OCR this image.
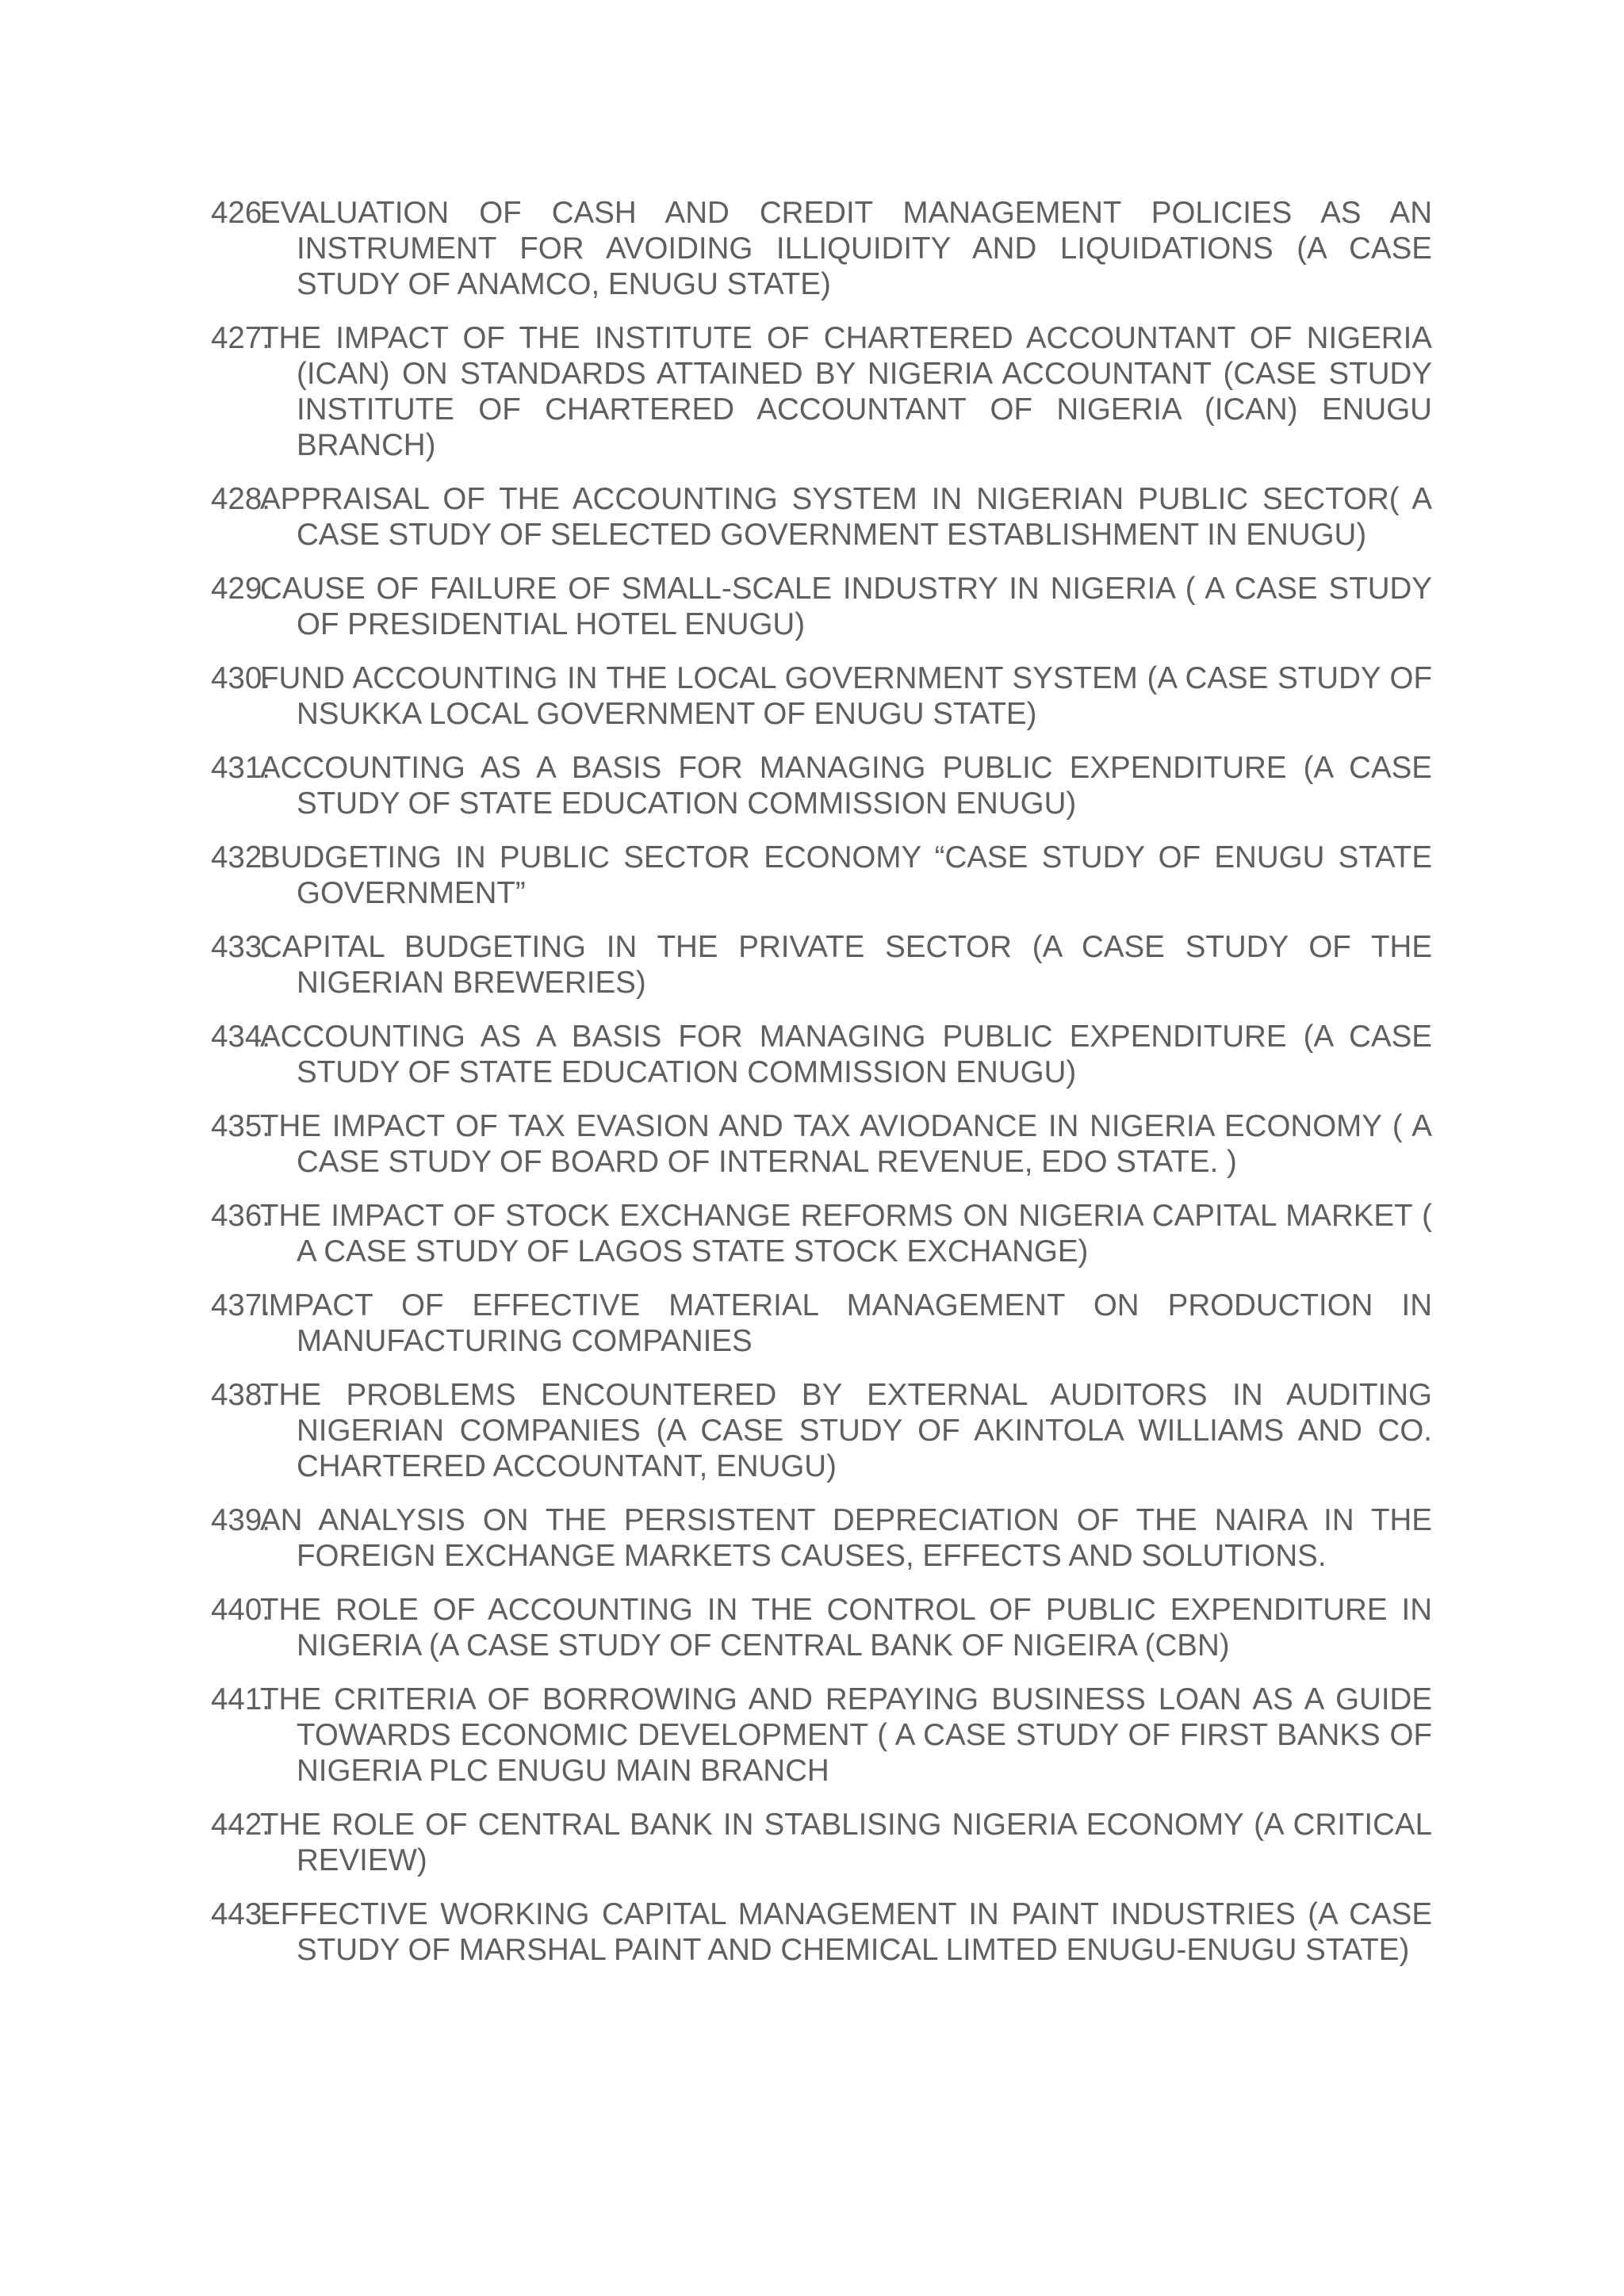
426.
EVALUATION OF CASH AND CREDIT MANAGEMENT POLICIES AS AN INSTRUMENT FOR AVOIDING ILLIQUIDITY AND LIQUIDATIONS (A CASE STUDY OF ANAMCO, ENUGU STATE)
427.
THE IMPACT OF THE INSTITUTE OF CHARTERED ACCOUNTANT OF NIGERIA (ICAN) ON STANDARDS ATTAINED BY NIGERIA ACCOUNTANT (CASE STUDY INSTITUTE OF CHARTERED ACCOUNTANT OF NIGERIA (ICAN) ENUGU BRANCH)
428.
APPRAISAL OF THE ACCOUNTING SYSTEM IN NIGERIAN PUBLIC SECTOR( A CASE STUDY OF SELECTED GOVERNMENT ESTABLISHMENT IN ENUGU)
429.
CAUSE OF FAILURE OF SMALL-SCALE INDUSTRY IN NIGERIA ( A CASE STUDY OF PRESIDENTIAL HOTEL ENUGU)
430.
FUND ACCOUNTING IN THE LOCAL GOVERNMENT SYSTEM (A CASE STUDY OF NSUKKA LOCAL GOVERNMENT OF ENUGU STATE)
431.
ACCOUNTING AS A BASIS FOR MANAGING PUBLIC EXPENDITURE (A CASE STUDY OF STATE EDUCATION COMMISSION ENUGU)
432.
BUDGETING IN PUBLIC SECTOR ECONOMY “CASE STUDY OF ENUGU STATE GOVERNMENT”
433.
CAPITAL BUDGETING IN THE PRIVATE SECTOR (A CASE STUDY OF THE NIGERIAN BREWERIES)
434.
ACCOUNTING AS A BASIS FOR MANAGING PUBLIC EXPENDITURE (A CASE STUDY OF STATE EDUCATION COMMISSION ENUGU)
435.
THE IMPACT OF TAX EVASION AND TAX AVIODANCE IN NIGERIA ECONOMY ( A CASE STUDY OF BOARD OF INTERNAL REVENUE, EDO STATE. )
436.
THE IMPACT OF STOCK EXCHANGE REFORMS ON NIGERIA CAPITAL MARKET ( A CASE STUDY OF LAGOS STATE STOCK EXCHANGE)
437.
IMPACT OF EFFECTIVE MATERIAL MANAGEMENT ON PRODUCTION IN MANUFACTURING COMPANIES
438.
THE PROBLEMS ENCOUNTERED BY EXTERNAL AUDITORS IN AUDITING NIGERIAN COMPANIES (A CASE STUDY OF AKINTOLA WILLIAMS AND CO. CHARTERED ACCOUNTANT, ENUGU)
439.
AN ANALYSIS ON THE PERSISTENT DEPRECIATION OF THE NAIRA IN THE FOREIGN EXCHANGE MARKETS CAUSES, EFFECTS AND SOLUTIONS.
440.
THE ROLE OF ACCOUNTING IN THE CONTROL OF PUBLIC EXPENDITURE IN NIGERIA (A CASE STUDY OF CENTRAL BANK OF NIGEIRA (CBN)
441.
THE CRITERIA OF BORROWING AND REPAYING BUSINESS LOAN AS A GUIDE TOWARDS ECONOMIC DEVELOPMENT ( A CASE STUDY OF FIRST BANKS OF NIGERIA PLC ENUGU MAIN BRANCH
442.
THE ROLE OF CENTRAL BANK IN STABLISING NIGERIA ECONOMY (A CRITICAL REVIEW)
443.
EFFECTIVE WORKING CAPITAL MANAGEMENT IN PAINT INDUSTRIES (A CASE STUDY OF MARSHAL PAINT AND CHEMICAL LIMTED ENUGU-ENUGU STATE)
